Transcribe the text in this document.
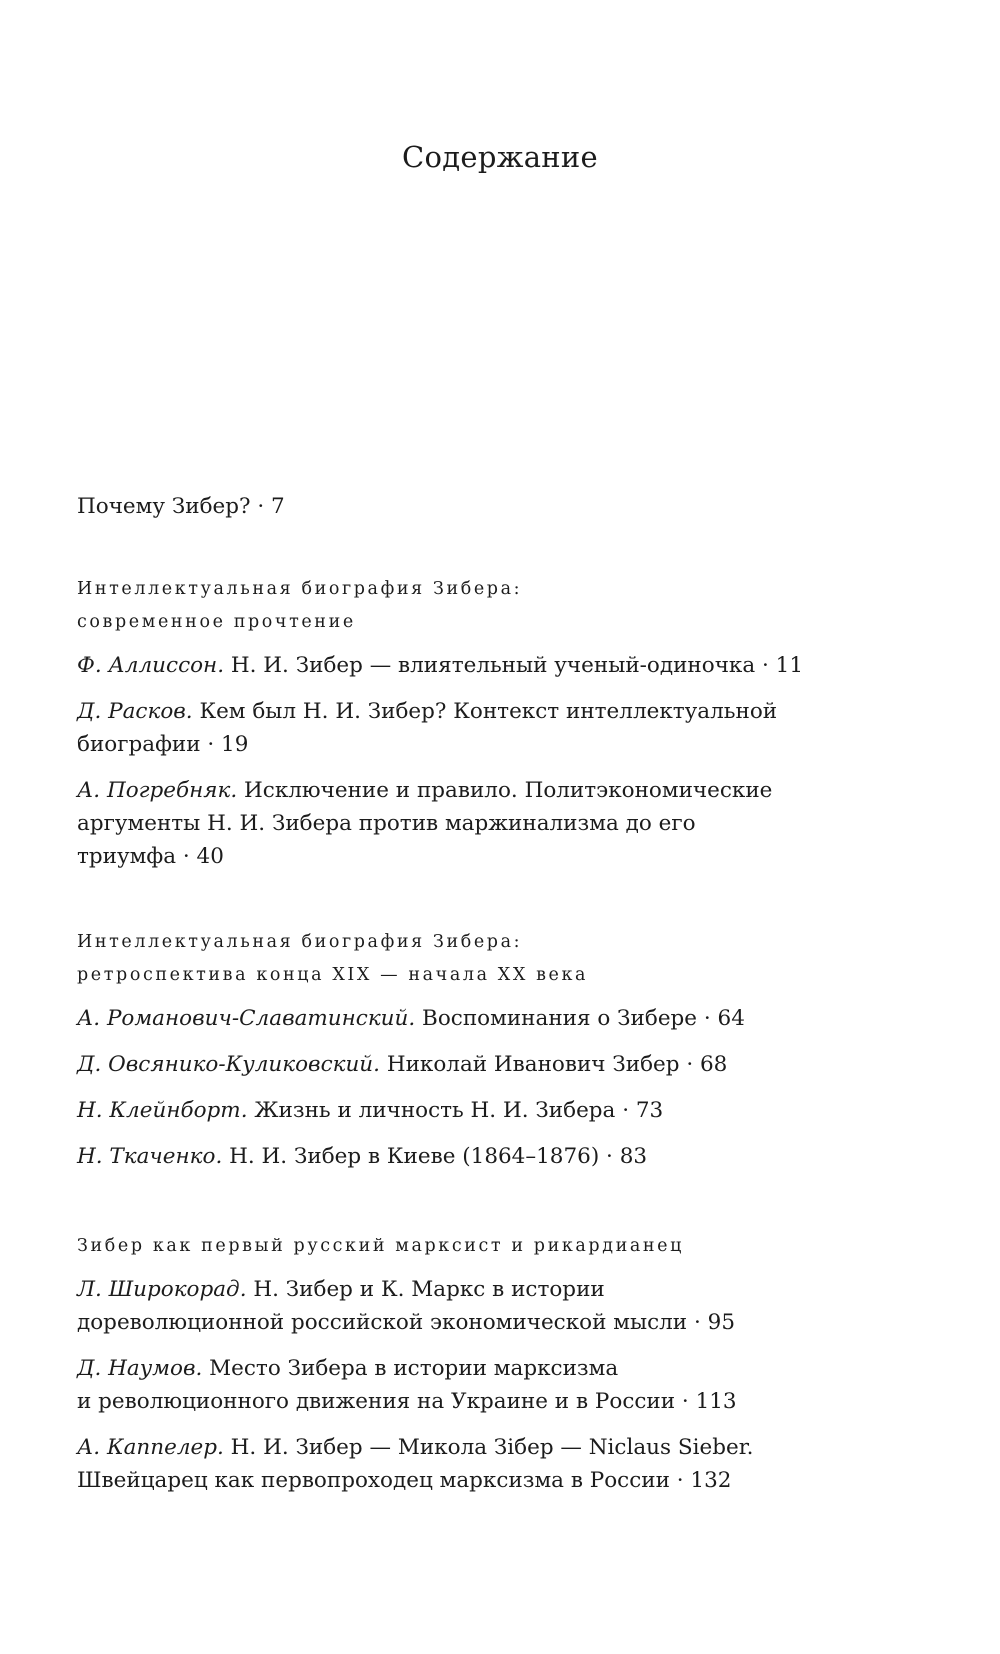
Содержание

Почему Зибер? · 7

Интеллектуальная биография Зибера:
современное прочтение

Ф. Аллиссон. Н. И. Зибер — влиятельный ученый-одиночка · 11

Д. Расков. Кем был Н. И. Зибер? Контекст интеллектуальной
биографии · 19

А. Погребняк. Исключение и правило. Политэкономические
аргументы Н. И. Зибера против маржинализма до его
триумфа · 40

Интеллектуальная биография Зибера:
ретроспектива конца XIX — начала XX века

А. Романович-Славатинский. Воспоминания о Зибере · 64

Д. Овсянико-Куликовский. Николай Иванович Зибер · 68

Н. Клейнборт. Жизнь и личность Н. И. Зибера · 73

Н. Ткаченко. Н. И. Зибер в Киеве (1864–1876) · 83

Зибер как первый русский марксист и рикардианец

Л. Широкорад. Н. Зибер и К. Маркс в истории
дореволюционной российской экономической мысли · 95

Д. Наумов. Место Зибера в истории марксизма
и революционного движения на Украине и в России · 113

А. Каппелер. Н. И. Зибер — Микола Зібер — Niclaus Sieber.
Швейцарец как первопроходец марксизма в России · 132
